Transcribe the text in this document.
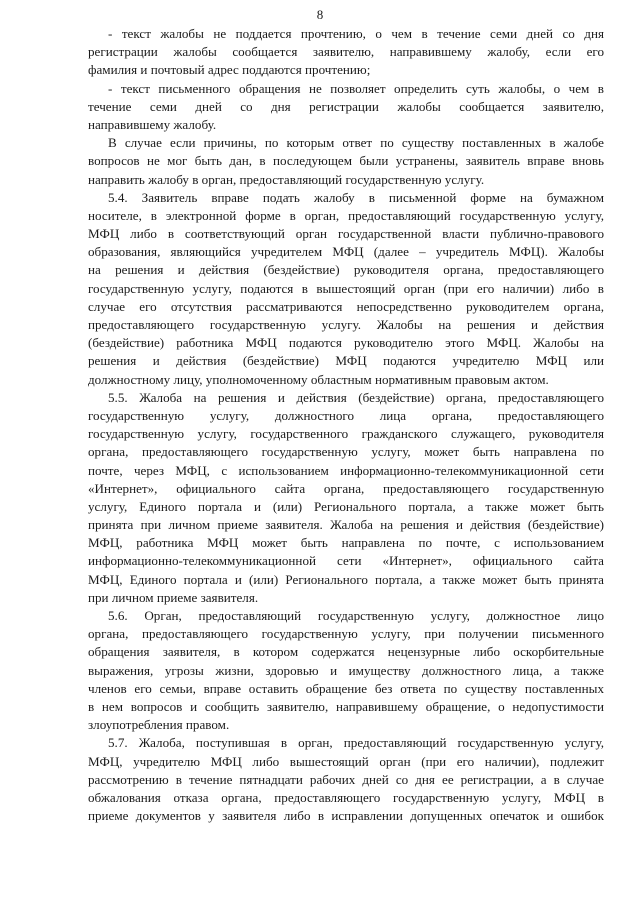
8
- текст жалобы не поддается прочтению, о чем в течение семи дней со дня
регистрации жалобы сообщается заявителю, направившему жалобу, если его
фамилия и почтовый адрес поддаются прочтению;
- текст письменного обращения не позволяет определить суть жалобы, о чем в
течение семи дней со дня регистрации жалобы сообщается заявителю,
направившему жалобу.
В случае если причины, по которым ответ по существу поставленных в жалобе
вопросов не мог быть дан, в последующем были устранены, заявитель вправе вновь
направить жалобу в орган, предоставляющий государственную услугу.
5.4. Заявитель вправе подать жалобу в письменной форме на бумажном
носителе, в электронной форме в орган, предоставляющий государственную услугу,
МФЦ либо в соответствующий орган государственной власти публично-правового
образования, являющийся учредителем МФЦ (далее – учредитель МФЦ). Жалобы
на решения и действия (бездействие) руководителя органа, предоставляющего
государственную услугу, подаются в вышестоящий орган (при его наличии) либо в
случае его отсутствия рассматриваются непосредственно руководителем органа,
предоставляющего государственную услугу. Жалобы на решения и действия
(бездействие) работника МФЦ подаются руководителю этого МФЦ. Жалобы на
решения и действия (бездействие) МФЦ подаются учредителю МФЦ или
должностному лицу, уполномоченному областным нормативным правовым актом.
5.5. Жалоба на решения и действия (бездействие) органа, предоставляющего
государственную услугу, должностного лица органа, предоставляющего
государственную услугу, государственного гражданского служащего, руководителя
органа, предоставляющего государственную услугу, может быть направлена по
почте, через МФЦ, с использованием информационно-телекоммуникационной сети
«Интернет», официального сайта органа, предоставляющего государственную
услугу, Единого портала и (или) Регионального портала, а также может быть
принята при личном приеме заявителя. Жалоба на решения и действия (бездействие)
МФЦ, работника МФЦ может быть направлена по почте, с использованием
информационно-телекоммуникационной сети «Интернет», официального сайта
МФЦ, Единого портала и (или) Регионального портала, а также может быть принята
при личном приеме заявителя.
5.6. Орган, предоставляющий государственную услугу, должностное лицо
органа, предоставляющего государственную услугу, при получении письменного
обращения заявителя, в котором содержатся нецензурные либо оскорбительные
выражения, угрозы жизни, здоровью и имуществу должностного лица, а также
членов его семьи, вправе оставить обращение без ответа по существу поставленных
в нем вопросов и сообщить заявителю, направившему обращение, о недопустимости
злоупотребления правом.
5.7. Жалоба, поступившая в орган, предоставляющий государственную услугу,
МФЦ, учредителю МФЦ либо вышестоящий орган (при его наличии), подлежит
рассмотрению в течение пятнадцати рабочих дней со дня ее регистрации, а в случае
обжалования отказа органа, предоставляющего государственную услугу, МФЦ в
приеме документов у заявителя либо в исправлении допущенных опечаток и ошибок
